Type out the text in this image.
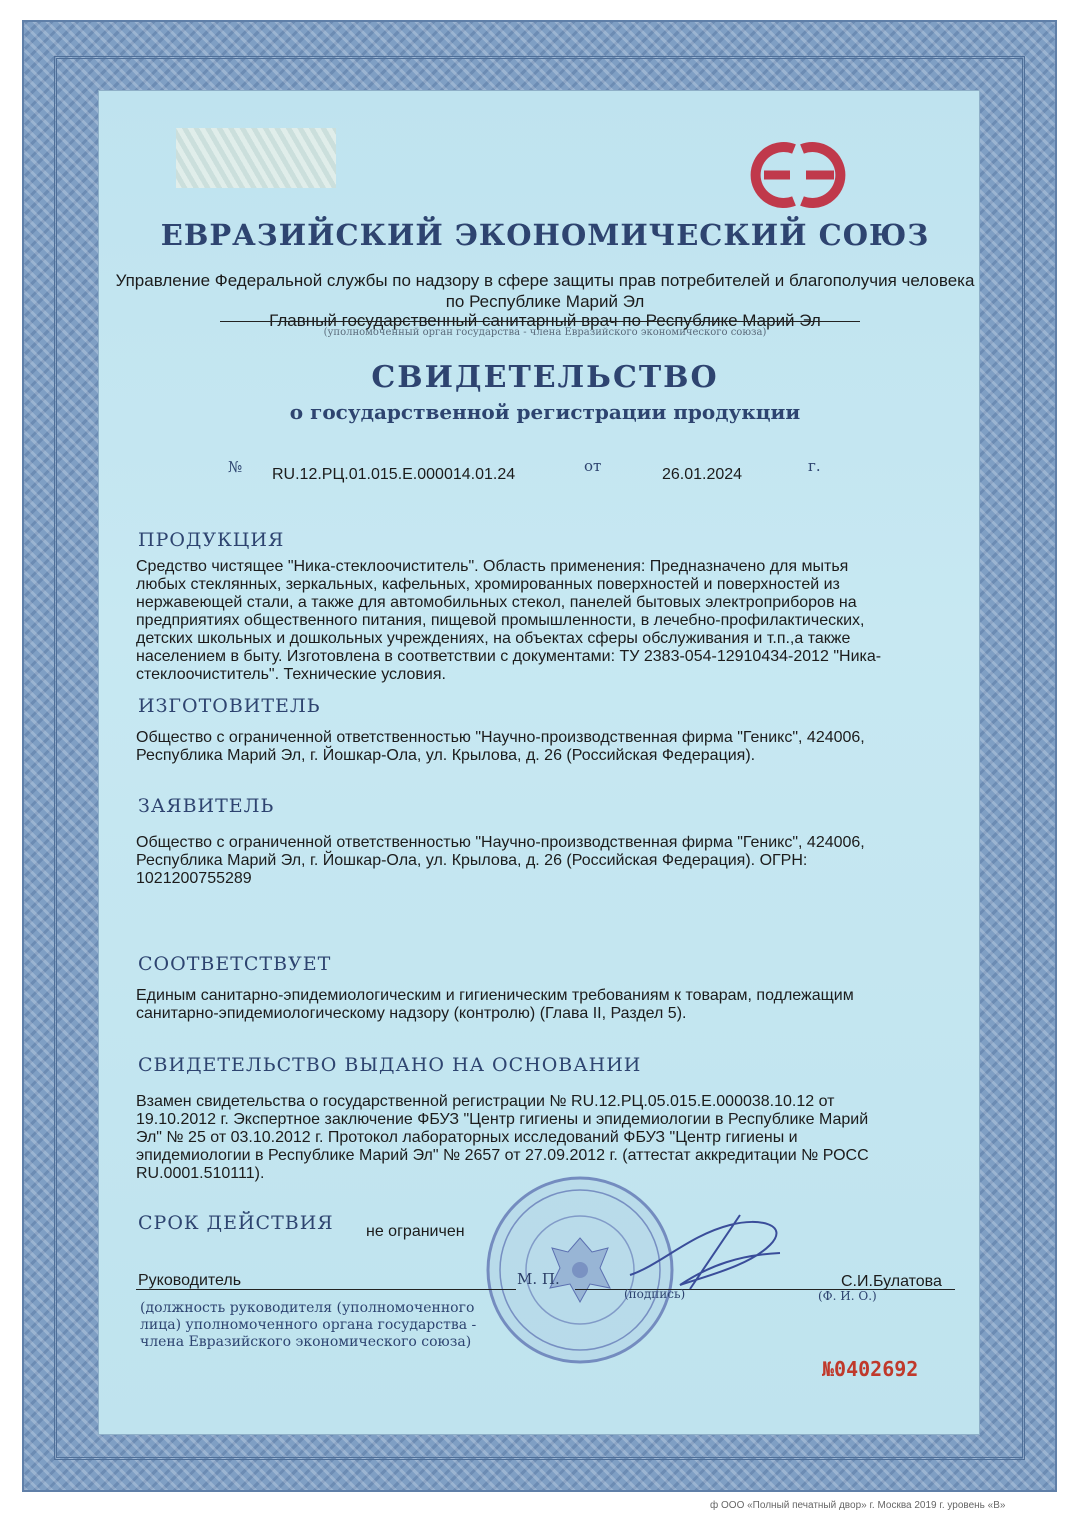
ЕВРАЗИЙСКИЙ ЭКОНОМИЧЕСКИЙ СОЮЗ
Управление Федеральной службы по надзору в сфере защиты прав потребителей и благополучия человека по Республике Марий Эл
Главный государственный санитарный врач по Республике Марий Эл
(уполномоченный орган государства - члена Евразийского экономического союза)
СВИДЕТЕЛЬСТВО
о государственной регистрации продукции
№ RU.12.РЦ.01.015.Е.000014.01.24	от	26.01.2024	г.
ПРОДУКЦИЯ
Средство чистящее "Ника-стеклоочиститель". Область применения: Предназначено для мытья
любых стеклянных, зеркальных, кафельных, хромированных поверхностей и поверхностей из
нержавеющей стали, а также для автомобильных стекол, панелей бытовых электроприборов на
предприятиях общественного питания, пищевой промышленности, в лечебно-профилактических,
детских школьных и дошкольных учреждениях, на объектах сферы обслуживания и т.п.,а также
населением в быту. Изготовлена в соответствии с документами: ТУ 2383-054-12910434-2012 "Ника-
стеклоочиститель". Технические условия.
ИЗГОТОВИТЕЛЬ
Общество с ограниченной ответственностью "Научно-производственная фирма "Геникс", 424006,
Республика Марий Эл, г. Йошкар-Ола, ул. Крылова, д. 26 (Российская Федерация).
ЗАЯВИТЕЛЬ
Общество с ограниченной ответственностью "Научно-производственная фирма "Геникс", 424006,
Республика Марий Эл, г. Йошкар-Ола, ул. Крылова, д. 26 (Российская Федерация). ОГРН:
1021200755289
СООТВЕТСТВУЕТ
Единым санитарно-эпидемиологическим и гигиеническим требованиям к товарам, подлежащим
санитарно-эпидемиологическому надзору (контролю) (Глава II, Раздел 5).
СВИДЕТЕЛЬСТВО ВЫДАНО НА ОСНОВАНИИ
Взамен свидетельства о государственной регистрации № RU.12.РЦ.05.015.Е.000038.10.12 от
19.10.2012 г. Экспертное заключение ФБУЗ "Центр гигиены и эпидемиологии в Республике Марий
Эл" № 25 от 03.10.2012 г. Протокол лабораторных исследований ФБУЗ "Центр гигиены и
эпидемиологии в Республике Марий Эл" № 2657 от 27.09.2012 г. (аттестат аккредитации № РОСС
RU.0001.510111).
СРОК ДЕЙСТВИЯ не ограничен
Руководитель	М. П.
(подпись)
С.И.Булатова
(Ф. И. О.)
(должность руководителя (уполномоченного
лица) уполномоченного органа государства -
члена Евразийского экономического союза)
№0402692
ф ООО «Полный печатный двор» г. Москва 2019 г. уровень «В»
